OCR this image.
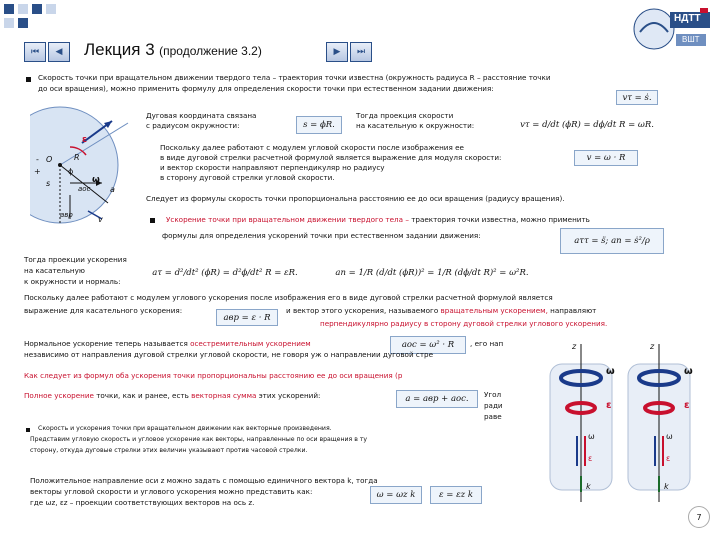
НДТТ
ВШТ
⏮ ◀	▶ ⏭
Лекция 3 (продолжение 3.2)
Скорость точки при вращательном движении твердого тела – траектория точки известна (окружность радиуса R – расстояние точки
до оси вращения), можно применить формулу для определения скорости точки при естественном задании движения:
vτ = ṡ.
O	R
ϕ
s
+
-
ω
ε
aос
aвр
a
v
Дуговая координата связана
с радиусом окружности:	s = ϕR.
Тогда проекция скорости
на касательную к окружности:	vτ = d/dt (ϕR) = dϕ/dt R = ωR.
Поскольку далее работают с модулем угловой скорости после изображения ее
в виде дуговой стрелки расчетной формулой является выражение для модуля скорости:
и вектор скорости направляют перпендикуляр но радиусу
в сторону дуговой стрелки угловой скорости.
v = ω · R
Следует из формулы скорость точки пропорциональна расстоянию ее до оси вращения (радиусу вращения).
Ускорение точки при вращательном движении твердого тела – траектория точки известна, можно применить
формулы для определения ускорений точки при естественном задании движения:
aττ = s̈; an = ṡ²/ρ
Тогда проекции ускорения
на касательную
к окружности и нормаль:
aτ = d²/dt² (ϕR) = d²ϕ/dt² R = εR.	an = 1/R (d/dt (ϕR))² = 1/R (dϕ/dt R)² = ω²R.
Поскольку далее работают с модулем углового ускорения после изображения его в виде дуговой стрелки расчетной формулой является
выражение для касательного ускорения:
aвр = ε · R
и вектор этого ускорения, называемого вращательным ускорением, направляют
перпендикулярно радиусу в сторону дуговой стрелки углового ускорения.
Нормальное ускорение теперь называется осестремительным ускорением	aос = ω² · R	, его нап
независимо от направления дуговой стрелки угловой скорости, не говоря уж о направлении дуговой стре
Как следует из формул оба ускорения точки пропорциональны расстоянию ее до оси вращения (р
Полное ускорение точки, как и ранее, есть векторная сумма этих ускорений:	a = aвр + aос.	Угол
ради
раве
Скорость и ускорения точки при вращательном движении как векторные произведения.
Представим угловую скорость и угловое ускорение как векторы, направленные по оси вращения в ту
сторону, откуда дуговые стрелки этих величин указывают против часовой стрелки.
Положительное направление оси z можно задать с помощью единичного вектора k, тогда
векторы угловой скорости и углового ускорения можно представить как:
где ωz, εz – проекции соответствующих векторов на ось z.
ω = ωz k	ε = εz k
z	z
ω	ω
ε	ε
ω	ω
ε	ε
k	k
7
